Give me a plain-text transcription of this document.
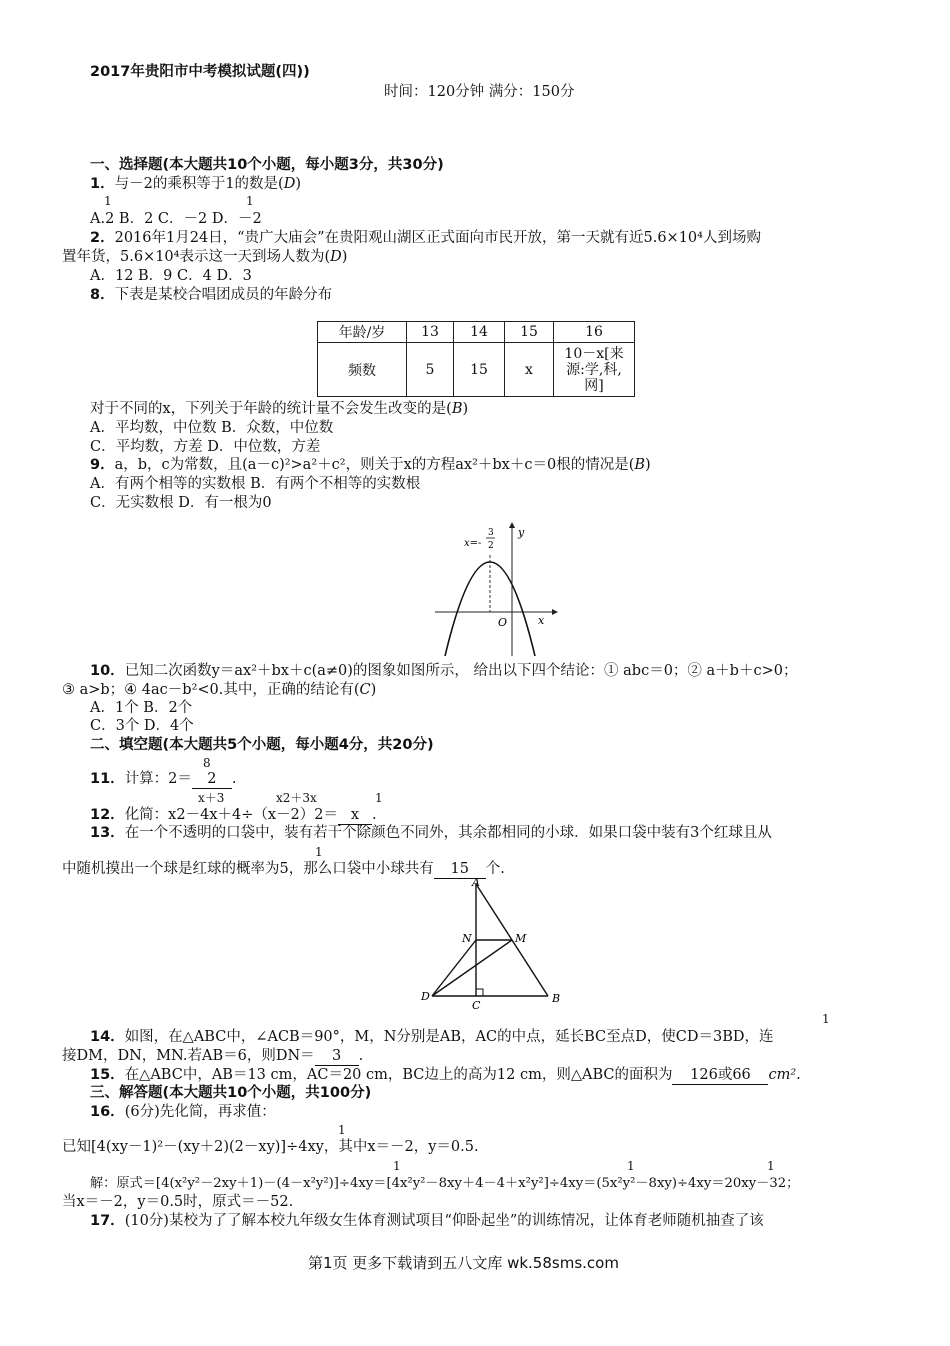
2017年贵阳市中考模拟试题(四))
时间：120分钟 满分：150分
一、选择题(本大题共10个小题，每小题3分，共30分)
1．与－2的乘积等于1的数是(D)
1	1
A.2 B．2 C．－2 D．－2
2．2016年1月24日，“贵广大庙会”在贵阳观山湖区正式面向市民开放，第一天就有近5.6×10⁴人到场购
置年货，5.6×10⁴表示这一天到场人数为(D)
A．12 B．9 C．4 D．3
8．下表是某校合唱团成员的年龄分布
年龄/岁	13	14	15	16
频数	5	15	x	10－x[来
源:学,科,
网]
对于不同的x，下列关于年龄的统计量不会发生改变的是(B)
A．平均数，中位数 B．众数，中位数
C．平均数，方差 D．中位数，方差
9．a，b，c为常数，且(a－c)²>a²＋c²，则关于x的方程ax²＋bx＋c＝0根的情况是(B)
A．有两个相等的实数根 B．有两个不相等的实数根
C．无实数根 D．有一根为0
x=-
3
2
y
x
O
10．已知二次函数y＝ax²＋bx＋c(a≠0)的图象如图所示， 给出以下四个结论：① abc＝0；② a＋b＋c>0；
③ a>b；④ 4ac－b²<0.其中，正确的结论有(C)
A．1个 B．2个
C．3个 D．4个
二、填空题(本大题共5个小题，每小题4分，共20分)
8
11．计算：2＝ 2 .
x＋3	x2＋3x	1
12．化简：x2－4x＋4÷（x－2）2＝ x .
13．在一个不透明的口袋中，装有若干个除颜色不同外，其余都相同的小球．如果口袋中装有3个红球且从
1
中随机摸出一个球是红球的概率为5，那么口袋中小球共有 15 个.
A
B
C
D
M
N
1
14．如图，在△ABC中，∠ACB＝90°，M，N分别是AB，AC的中点，延长BC至点D，使CD＝3BD，连
接DM，DN，MN.若AB＝6，则DN＝ 3 .
15．在△ABC中，AB＝13 cm，AC＝20 cm，BC边上的高为12 cm，则△ABC的面积为 126或66 cm².
三、解答题(本大题共10个小题，共100分)
16．(6分)先化简，再求值：
1
已知[4(xy－1)²－(xy＋2)(2－xy)]÷4xy，其中x＝－2，y＝0.5.
1	1	1
解：原式＝[4(x²y²－2xy＋1)－(4－x²y²)]÷4xy＝[4x²y²－8xy＋4－4＋x²y²]÷4xy＝(5x²y²－8xy)÷4xy＝20xy－32；
当x＝－2，y＝0.5时，原式＝－52.
17．(10分)某校为了了解本校九年级女生体育测试项目“仰卧起坐”的训练情况，让体育老师随机抽查了该
第1页 更多下载请到五八文库 wk.58sms.com
